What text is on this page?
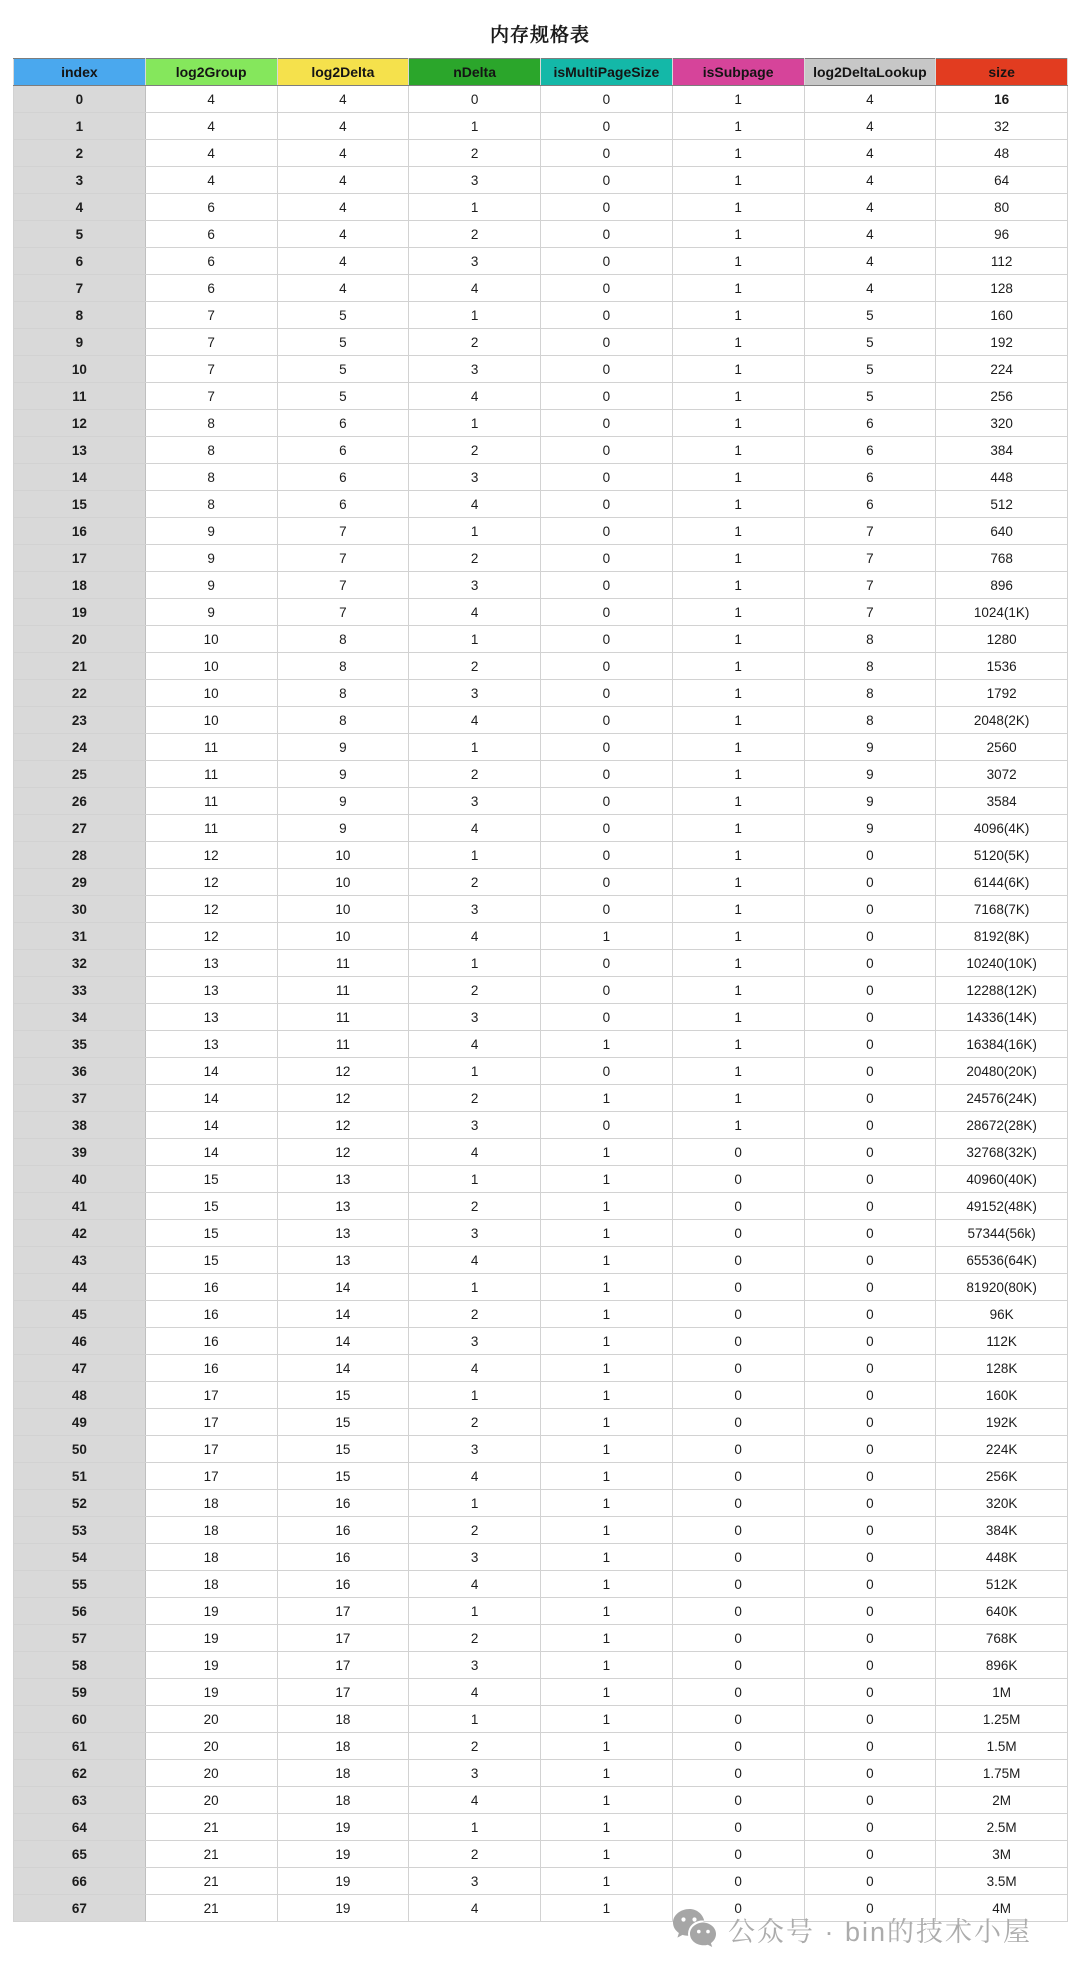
内存规格表
index	log2Group	log2Delta	nDelta	isMultiPageSize	isSubpage	log2DeltaLookup	size
0	4	4	0	0	1	4	16
1	4	4	1	0	1	4	32
2	4	4	2	0	1	4	48
3	4	4	3	0	1	4	64
4	6	4	1	0	1	4	80
5	6	4	2	0	1	4	96
6	6	4	3	0	1	4	112
7	6	4	4	0	1	4	128
8	7	5	1	0	1	5	160
9	7	5	2	0	1	5	192
10	7	5	3	0	1	5	224
11	7	5	4	0	1	5	256
12	8	6	1	0	1	6	320
13	8	6	2	0	1	6	384
14	8	6	3	0	1	6	448
15	8	6	4	0	1	6	512
16	9	7	1	0	1	7	640
17	9	7	2	0	1	7	768
18	9	7	3	0	1	7	896
19	9	7	4	0	1	7	1024(1K)
20	10	8	1	0	1	8	1280
21	10	8	2	0	1	8	1536
22	10	8	3	0	1	8	1792
23	10	8	4	0	1	8	2048(2K)
24	11	9	1	0	1	9	2560
25	11	9	2	0	1	9	3072
26	11	9	3	0	1	9	3584
27	11	9	4	0	1	9	4096(4K)
28	12	10	1	0	1	0	5120(5K)
29	12	10	2	0	1	0	6144(6K)
30	12	10	3	0	1	0	7168(7K)
31	12	10	4	1	1	0	8192(8K)
32	13	11	1	0	1	0	10240(10K)
33	13	11	2	0	1	0	12288(12K)
34	13	11	3	0	1	0	14336(14K)
35	13	11	4	1	1	0	16384(16K)
36	14	12	1	0	1	0	20480(20K)
37	14	12	2	1	1	0	24576(24K)
38	14	12	3	0	1	0	28672(28K)
39	14	12	4	1	0	0	32768(32K)
40	15	13	1	1	0	0	40960(40K)
41	15	13	2	1	0	0	49152(48K)
42	15	13	3	1	0	0	57344(56k)
43	15	13	4	1	0	0	65536(64K)
44	16	14	1	1	0	0	81920(80K)
45	16	14	2	1	0	0	96K
46	16	14	3	1	0	0	112K
47	16	14	4	1	0	0	128K
48	17	15	1	1	0	0	160K
49	17	15	2	1	0	0	192K
50	17	15	3	1	0	0	224K
51	17	15	4	1	0	0	256K
52	18	16	1	1	0	0	320K
53	18	16	2	1	0	0	384K
54	18	16	3	1	0	0	448K
55	18	16	4	1	0	0	512K
56	19	17	1	1	0	0	640K
57	19	17	2	1	0	0	768K
58	19	17	3	1	0	0	896K
59	19	17	4	1	0	0	1M
60	20	18	1	1	0	0	1.25M
61	20	18	2	1	0	0	1.5M
62	20	18	3	1	0	0	1.75M
63	20	18	4	1	0	0	2M
64	21	19	1	1	0	0	2.5M
65	21	19	2	1	0	0	3M
66	21	19	3	1	0	0	3.5M
67	21	19	4	1	0	0	4M
公众号 · bin的技术小屋
